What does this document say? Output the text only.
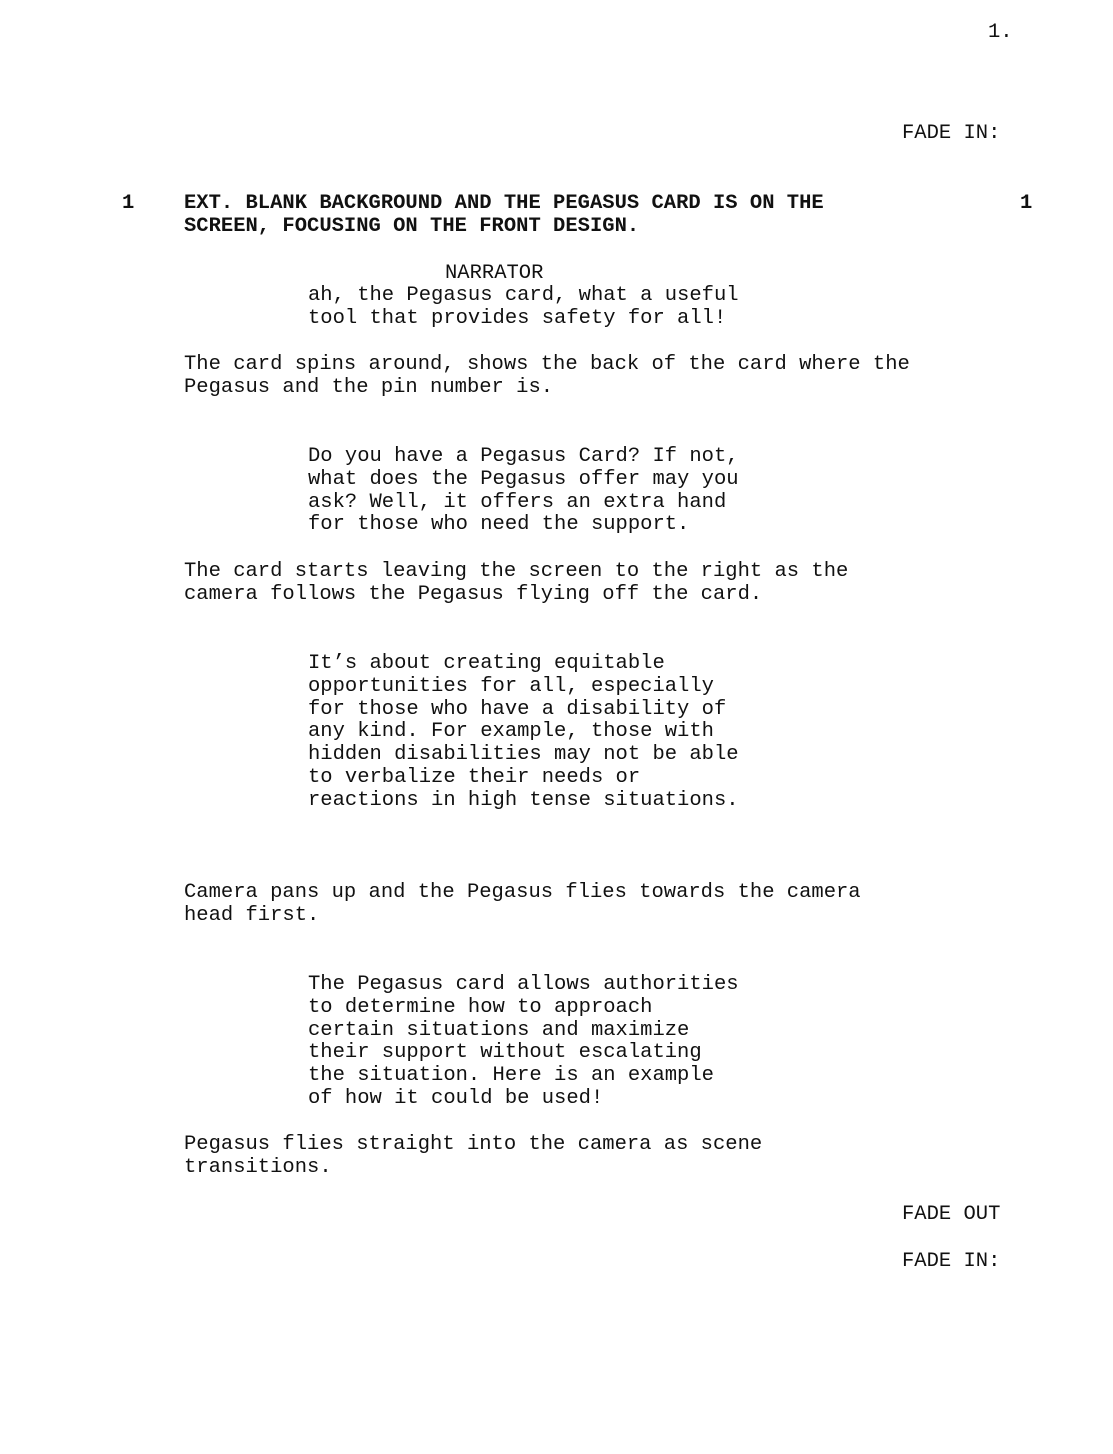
1.
FADE IN:
1 EXT. BLANK BACKGROUND AND THE PEGASUS CARD IS ON THE	1
SCREEN, FOCUSING ON THE FRONT DESIGN.
NARRATOR
ah, the Pegasus card, what a useful
tool that provides safety for all!
The card spins around, shows the back of the card where the
Pegasus and the pin number is.
Do you have a Pegasus Card? If not,
what does the Pegasus offer may you
ask? Well, it offers an extra hand
for those who need the support.
The card starts leaving the screen to the right as the
camera follows the Pegasus flying off the card.
It’s about creating equitable
opportunities for all, especially
for those who have a disability of
any kind. For example, those with
hidden disabilities may not be able
to verbalize their needs or
reactions in high tense situations.
Camera pans up and the Pegasus flies towards the camera
head first.
The Pegasus card allows authorities
to determine how to approach
certain situations and maximize
their support without escalating
the situation. Here is an example
of how it could be used!
Pegasus flies straight into the camera as scene
transitions.
FADE OUT
FADE IN:
